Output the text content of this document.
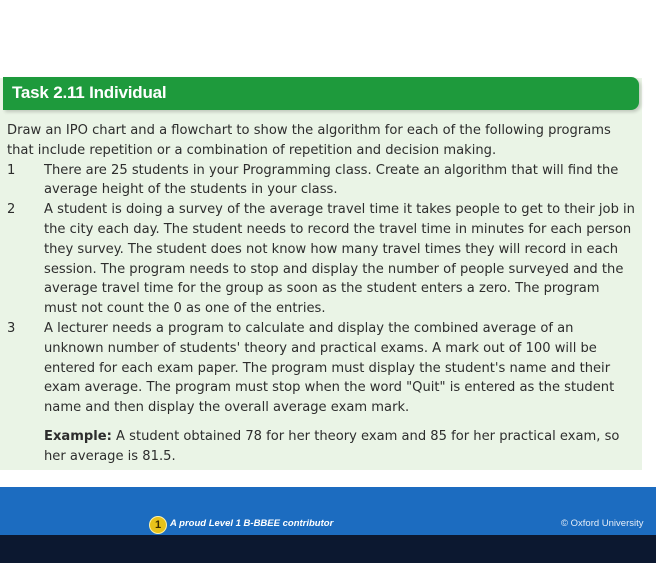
Task 2.11 Individual

Draw an IPO chart and a flowchart to show the algorithm for each of the following programs that include repetition or a combination of repetition and decision making.

1 There are 25 students in your Programming class. Create an algorithm that will find the average height of the students in your class.
2 A student is doing a survey of the average travel time it takes people to get to their job in the city each day. The student needs to record the travel time in minutes for each person they survey. The student does not know how many travel times they will record in each session. The program needs to stop and display the number of people surveyed and the average travel time for the group as soon as the student enters a zero. The program must not count the 0 as one of the entries.
3 A lecturer needs a program to calculate and display the combined average of an unknown number of students' theory and practical exams. A mark out of 100 will be entered for each exam paper. The program must display the student's name and their exam average. The program must stop when the word "Quit" is entered as the student name and then display the overall average exam mark.
Example: A student obtained 78 for her theory exam and 85 for her practical exam, so her average is 81.5.
1 A proud Level 1 B-BBEE contributor	© Oxford University
